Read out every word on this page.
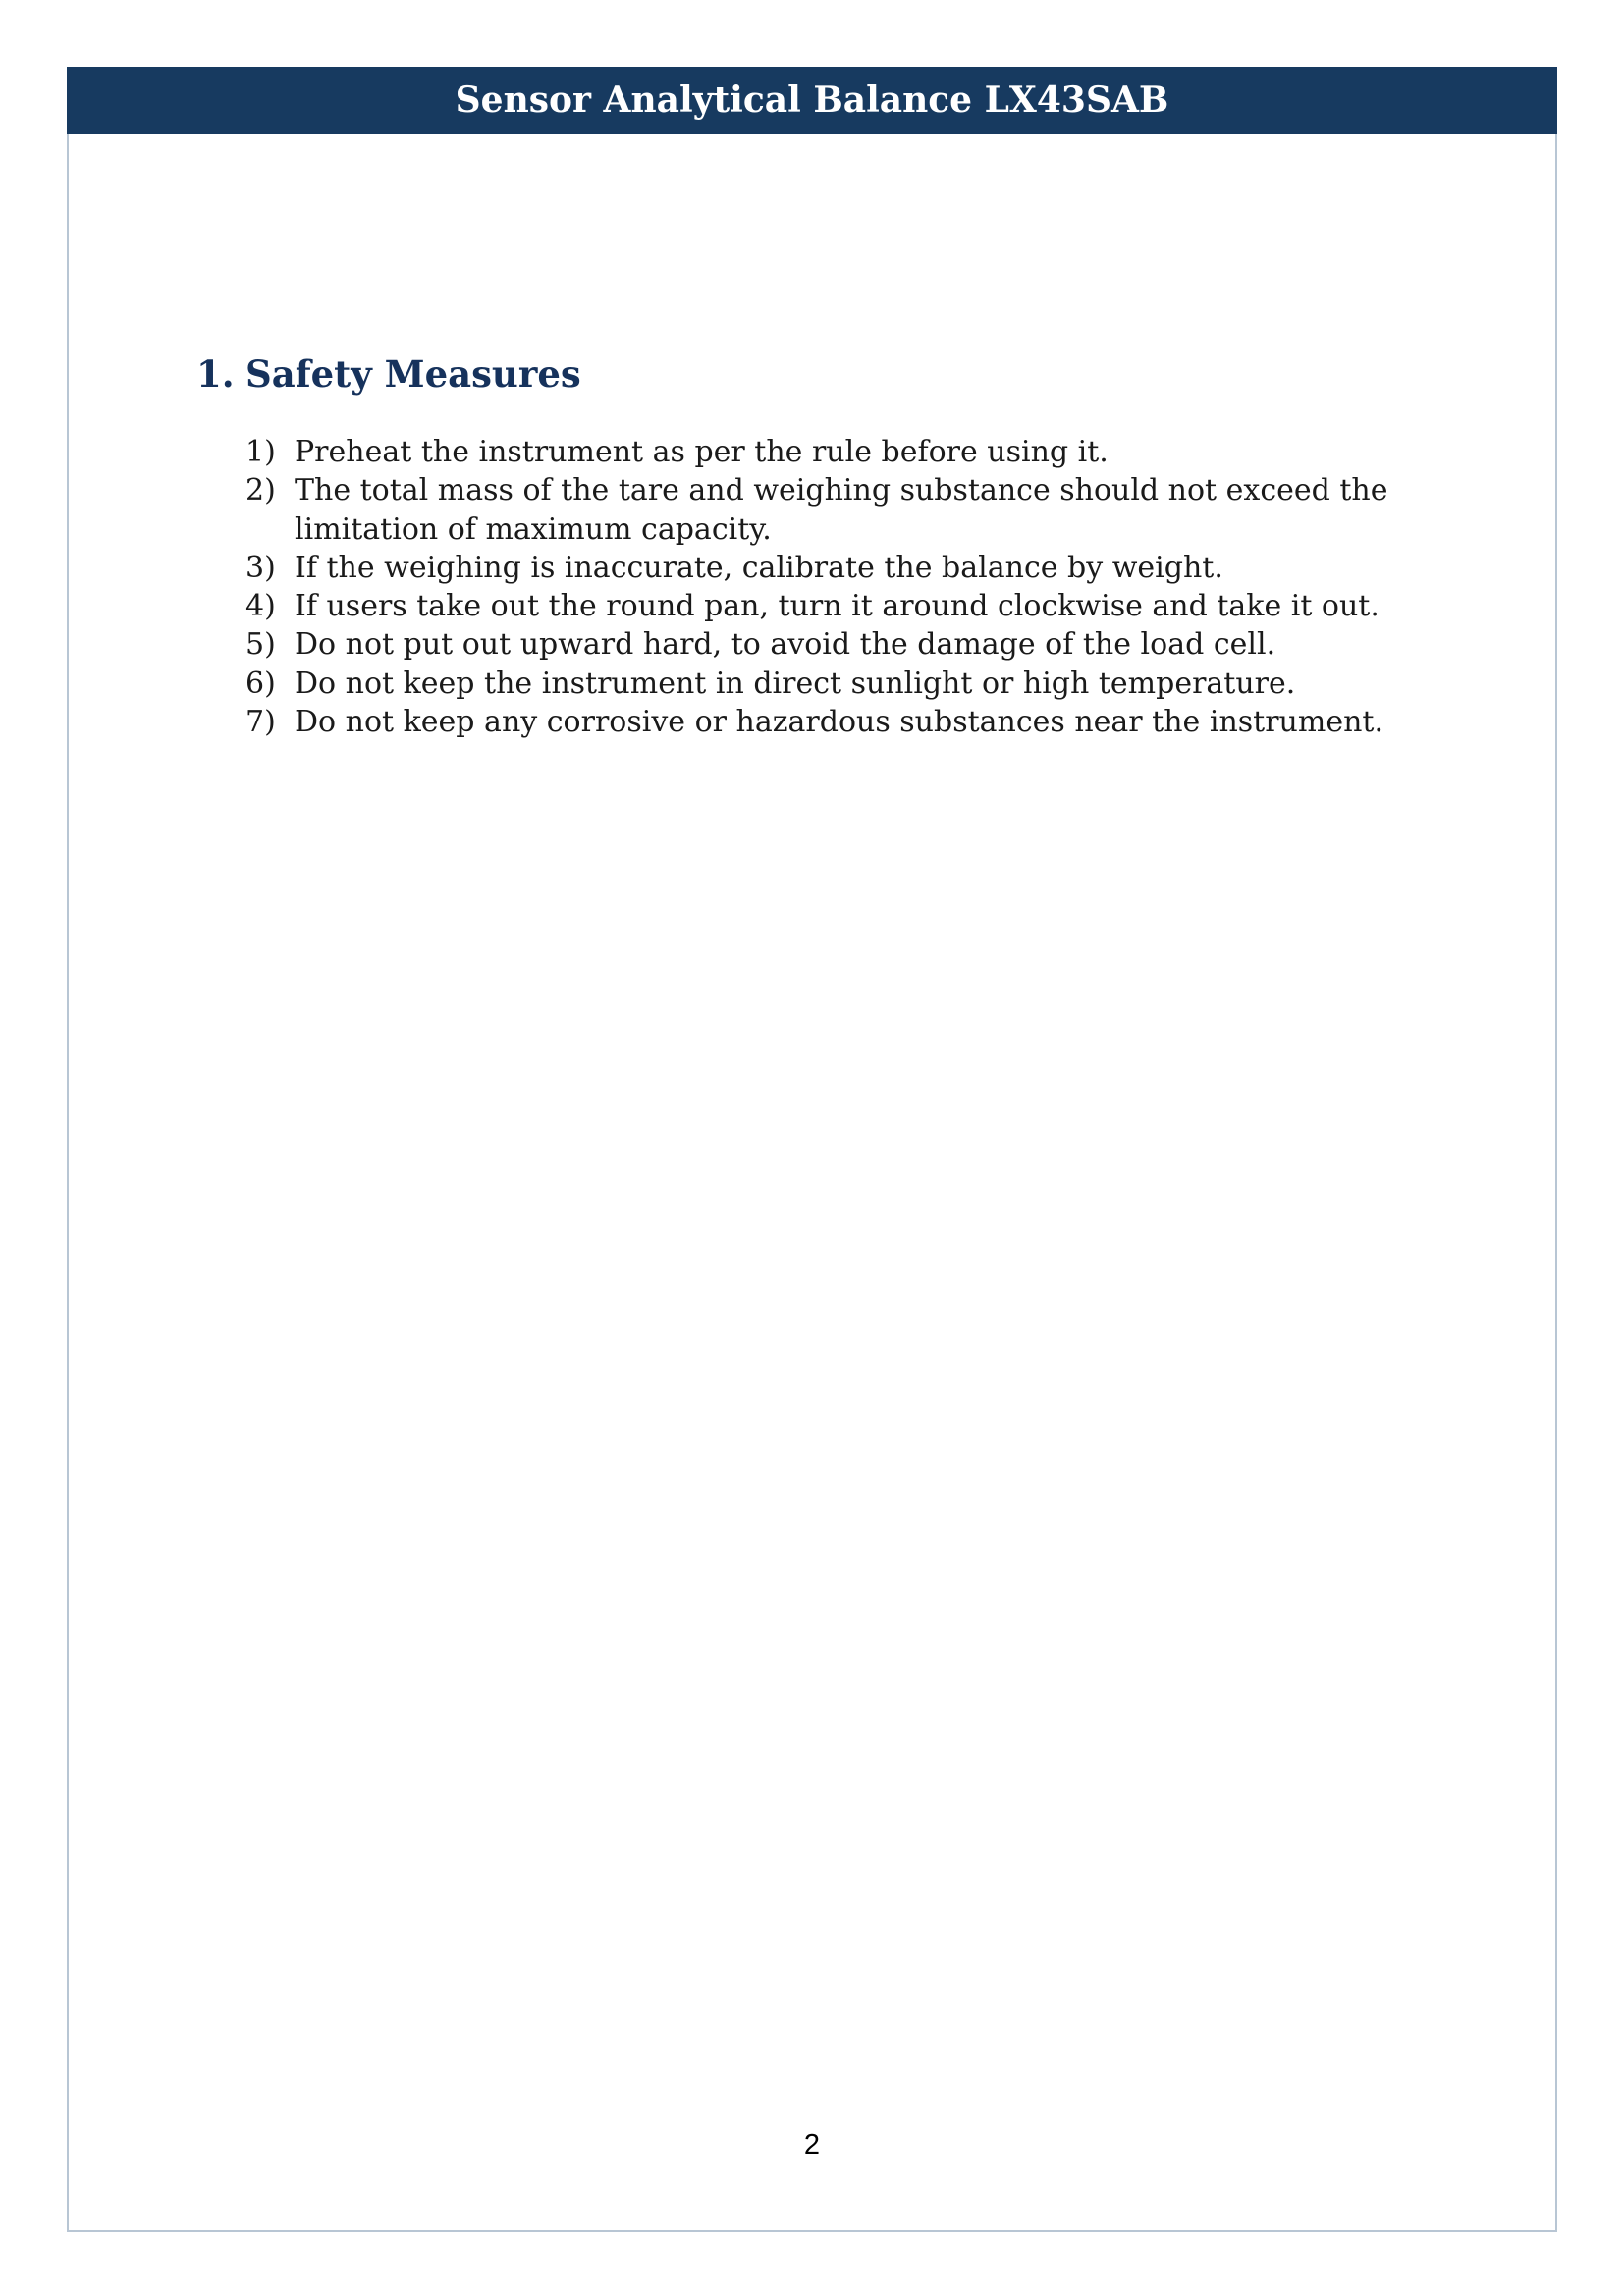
Sensor Analytical Balance LX43SAB
1. Safety Measures
1) Preheat the instrument as per the rule before using it.
2) The total mass of the tare and weighing substance should not exceed the limitation of maximum capacity.
3) If the weighing is inaccurate, calibrate the balance by weight.
4) If users take out the round pan, turn it around clockwise and take it out.
5) Do not put out upward hard, to avoid the damage of the load cell.
6) Do not keep the instrument in direct sunlight or high temperature.
7) Do not keep any corrosive or hazardous substances near the instrument.
2
